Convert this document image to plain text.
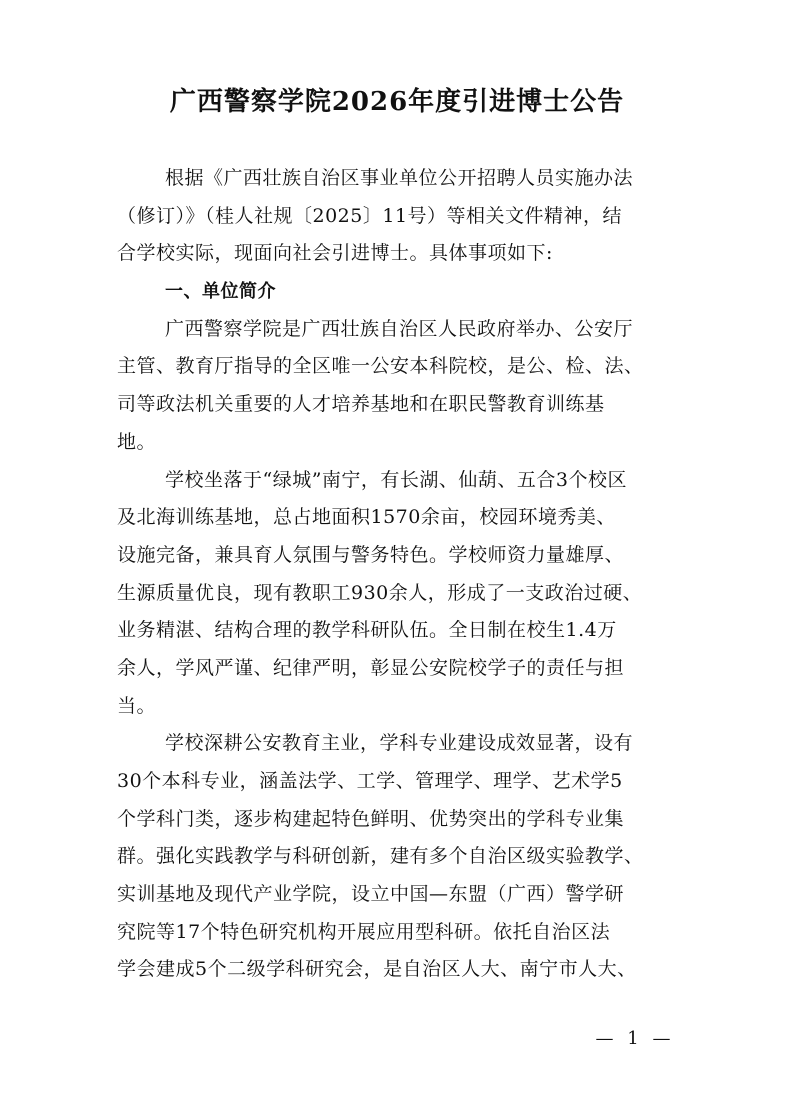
广西警察学院2026年度引进博士公告
根据《广西壮族自治区事业单位公开招聘人员实施办法
（修订）》（桂人社规〔2025〕11号）等相关文件精神，结
合学校实际，现面向社会引进博士。具体事项如下:
一、单位简介
广西警察学院是广西壮族自治区人民政府举办、公安厅
主管、教育厅指导的全区唯一公安本科院校，是公、检、法、
司等政法机关重要的人才培养基地和在职民警教育训练基
地。
学校坐落于“绿城”南宁，有长湖、仙葫、五合3个校区
及北海训练基地，总占地面积1570余亩，校园环境秀美、
设施完备，兼具育人氛围与警务特色。学校师资力量雄厚、
生源质量优良，现有教职工930余人，形成了一支政治过硬、
业务精湛、结构合理的教学科研队伍。全日制在校生1.4万
余人，学风严谨、纪律严明，彰显公安院校学子的责任与担
当。
学校深耕公安教育主业，学科专业建设成效显著，设有
30个本科专业，涵盖法学、工学、管理学、理学、艺术学5
个学科门类，逐步构建起特色鲜明、优势突出的学科专业集
群。强化实践教学与科研创新，建有多个自治区级实验教学、
实训基地及现代产业学院，设立中国—东盟（广西）警学研
究院等17个特色研究机构开展应用型科研。依托自治区法
学会建成5个二级学科研究会，是自治区人大、南宁市人大、
— 1 —
